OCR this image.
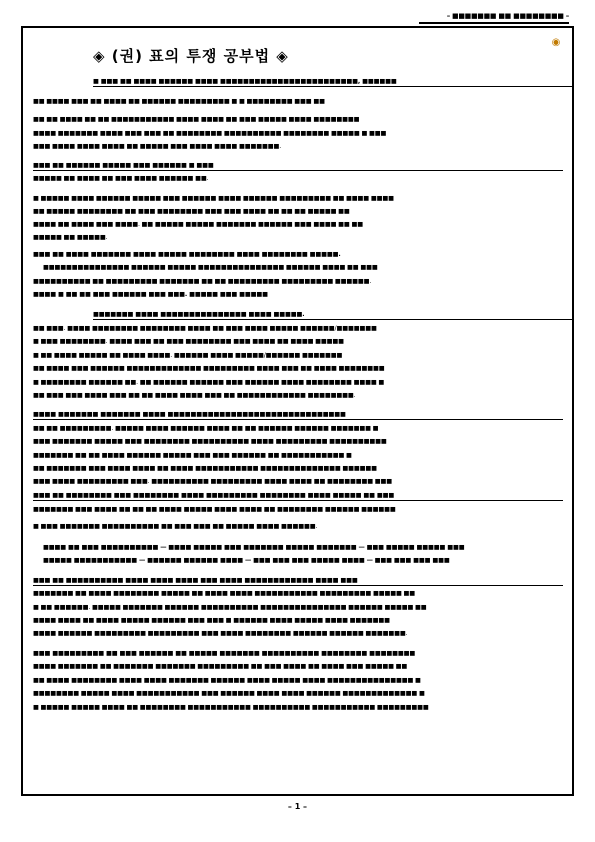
– ■■■■■■■ ■■ ■■■■■■■■ –
◈ (권) 표의 투쟁 공부법 ◈
◉
■ ■■■ ■■ ■■■■ ■■■■■■ ■■■■ ■■■■■■■■■■■■■■■■■■■■■■■■, ■■■■■■
■■ ■■■■ ■■■ ■■ ■■■■ ■■ ■■■■■■ ■■■■■■■■■ ■ ■ ■■■■■■■■ ■■■ ■■
■■ ■■ ■■■■ ■■ ■■ ■■■■■■■■■■■ ■■■■ ■■■■ ■■ ■■■ ■■■■■ ■■■■ ■■■■■■■■
■■■■ ■■■■■■■ ■■■■ ■■■ ■■■ ■■ ■■■■■■■■ ■■■■■■■■■■ ■■■■■■■■ ■■■■■ ■ ■■■
■■■ ■■■■ ■■■■ ■■■■ ■■ ■■■■■ ■■■ ■■■■ ■■■■ ■■■■■■■.
■■■ ■■ ■■■■■■ ■■■■■ ■■■ ■■■■■■ ■ ■■■
■■■■■ ■■ ■■■■ ■■ ■■■ ■■■■ ■■■■■■ ■■.
■ ■■■■■ ■■■■ ■■■■■■ ■■■■■ ■■■ ■■■■■■ ■■■■ ■■■■■■ ■■■■■■■■■ ■■ ■■■■ ■■■■
■■ ■■■■■ ■■■■■■■■ ■■ ■■■ ■■■■■■■■ ■■■ ■■■ ■■■■ ■■ ■■ ■■ ■■■■■ ■■
■■■■ ■■ ■■■■ ■■■ ■■■■. ■■ ■■■■■ ■■■■■ ■■■■■■■ ■■■■■■ ■■■ ■■■■ ■■ ■■
■■■■■ ■■ ■■■■■.
■■■ ■■ ■■■■ ■■■■■■■ ■■■■ ■■■■■ ■■■■■■■■ ■■■■ ■■■■■■■■ ■■■■■.
■■■■■■■■■■■■■■■ ■■■■■■ ■■■■■ ■■■■■■■■■■■■■■■ ■■■■■■ ■■■■ ■■ ■■■
■■■■■■■■■■ ■■ ■■■■■■■■■ ■■■■■■■ ■■ ■■ ■■■■■■■■■ ■■■■■■■■■ ■■■■■■.
■■■■ ■ ■■ ■■ ■■■ ■■■■■■ ■■■ ■■■. ■■■■■ ■■■ ■■■■■
■■■■■■■ ■■■■ ■■■■■■■■■■■■■■■ ■■■■ ■■■■■.
■■ ■■■. ■■■■ ■■■■■■■■ ■■■■■■■■ ■■■■ ■■ ■■■ ■■■■ ■■■■■ ■■■■■■/■■■■■■■
■ ■■■ ■■■■■■■■. ■■■■ ■■■ ■■ ■■■ ■■■■■■■■ ■■■ ■■■■ ■■ ■■■■ ■■■■■
■ ■■ ■■■■ ■■■■■ ■■ ■■■■ ■■■■. ■■■■■■ ■■■■ ■■■■■/■■■■■■ ■■■■■■■
■■ ■■■■ ■■■ ■■■■■■ ■■■■■■■■■■■■■ ■■■■■■■■■ ■■■■ ■■■ ■■ ■■■■ ■■■■■■■■
■ ■■■■■■■■ ■■■■■■ ■■. ■■ ■■■■■■ ■■■■■■ ■■■ ■■■■■■ ■■■■ ■■■■■■■■ ■■■■ ■
■■ ■■■ ■■■ ■■■■ ■■■ ■■ ■■ ■■■■ ■■■■ ■■■ ■■ ■■■■■■■■■■■■ ■■■■■■■■.
■■■■ ■■■■■■■ ■■■■■■■ ■■■■ ■■■■■■■■■■■■■■■■■■■■■■■■■■■■■■■
■■ ■■ ■■■■■■■■■. ■■■■■ ■■■■ ■■■■■■ ■■■■ ■■ ■■ ■■■■■■ ■■■■■■ ■■■■■■■ ■
■■■ ■■■■■■■ ■■■■■ ■■■ ■■■■■■■■ ■■■■■■■■■■ ■■■■ ■■■■■■■■■ ■■■■■■■■■■
■■■■■■■ ■■ ■■ ■■■■ ■■■■■■ ■■■■■ ■■■ ■■■ ■■■■■■ ■■ ■■■■■■■■■■■ ■
■■ ■■■■■■■ ■■■ ■■■■ ■■■■ ■■ ■■■■ ■■■■■■■■■■■ ■■■■■■■■■■■■■■ ■■■■■■
■■■ ■■■■ ■■■■■■■■■ ■■■. ■■■■■■■■■■ ■■■■■■■■■ ■■■■ ■■■■ ■■ ■■■■■■■■ ■■■
■■■ ■■ ■■■■■■■■ ■■■ ■■■■■■■■ ■■■■ ■■■■■■■■■ ■■■■■■■■ ■■■■ ■■■■■ ■■ ■■■
■■■■■■■ ■■■ ■■■■ ■■ ■■ ■■ ■■■■ ■■■■■ ■■■■ ■■■■ ■■ ■■■■■■■■ ■■■■■■ ■■■■■■
■ ■■■ ■■■■■■■ ■■■■■■■■■■ ■■ ■■■ ■■■ ■■ ■■■■■ ■■■■ ■■■■■■.
■■■■ ■■ ■■■ ■■■■■■■■■■ — ■■■■ ■■■■■ ■■■ ■■■■■■■ ■■■■■ ■■■■■■■ — ■■■ ■■■■■ ■■■■■ ■■■
■■■■■ ■■■■■■■■■■■ — ■■■■■■ ■■■■■■ ■■■■ — ■■■ ■■■ ■■■ ■■■■■ ■■■■ — ■■■ ■■■ ■■■ ■■■
■■■ ■■ ■■■■■■■■■■ ■■■■ ■■■■ ■■■■ ■■■ ■■■■ ■■■■■■■■■■■■ ■■■■ ■■■
■■■■■■■ ■■ ■■■■ ■■■■■■■■ ■■■■■ ■■ ■■■■ ■■■■ ■■■■■■■■■■■ ■■■■■■■■■ ■■■■■ ■■
■ ■■ ■■■■■■. ■■■■■ ■■■■■■■ ■■■■■■ ■■■■■■■■■■ ■■■■■■■■■■■■■■■ ■■■■■■ ■■■■■ ■■
■■■■ ■■■■ ■■ ■■■■ ■■■■■ ■■■■■■ ■■■ ■■■ ■ ■■■■■■ ■■■■ ■■■■■ ■■■■ ■■■■■■■
■■■■ ■■■■■■ ■■■■■■■■■ ■■■■■■■■■ ■■■ ■■■■ ■■■■■■■■ ■■■■■■ ■■■■■■ ■■■■■■■.
■■■ ■■■■■■■■■ ■■ ■■■ ■■■■■■ ■■ ■■■■■ ■■■■■■■ ■■■■■■■■■■ ■■■■■■■■ ■■■■■■■■
■■■■ ■■■■■■■ ■■ ■■■■■■■ ■■■■■■■ ■■■■■■■■■ ■■ ■■■ ■■■■ ■■ ■■■■ ■■■ ■■■■■ ■■
■■ ■■■■ ■■■■■■■■ ■■■■ ■■■■ ■■■■■■■ ■■■■■■ ■■■■ ■■■■■ ■■■■ ■■■■■■■■■■■■■■■ ■
■■■■■■■■ ■■■■■ ■■■■ ■■■■■■■■■■■ ■■■ ■■■■■■ ■■■■ ■■■■ ■■■■■■ ■■■■■■■■■■■■■ ■
■ ■■■■■ ■■■■■ ■■■■ ■■ ■■■■■■■■ ■■■■■■■■■■■ ■■■■■■■■■■ ■■■■■■■■■■■ ■■■■■■■■■
– 1 –
